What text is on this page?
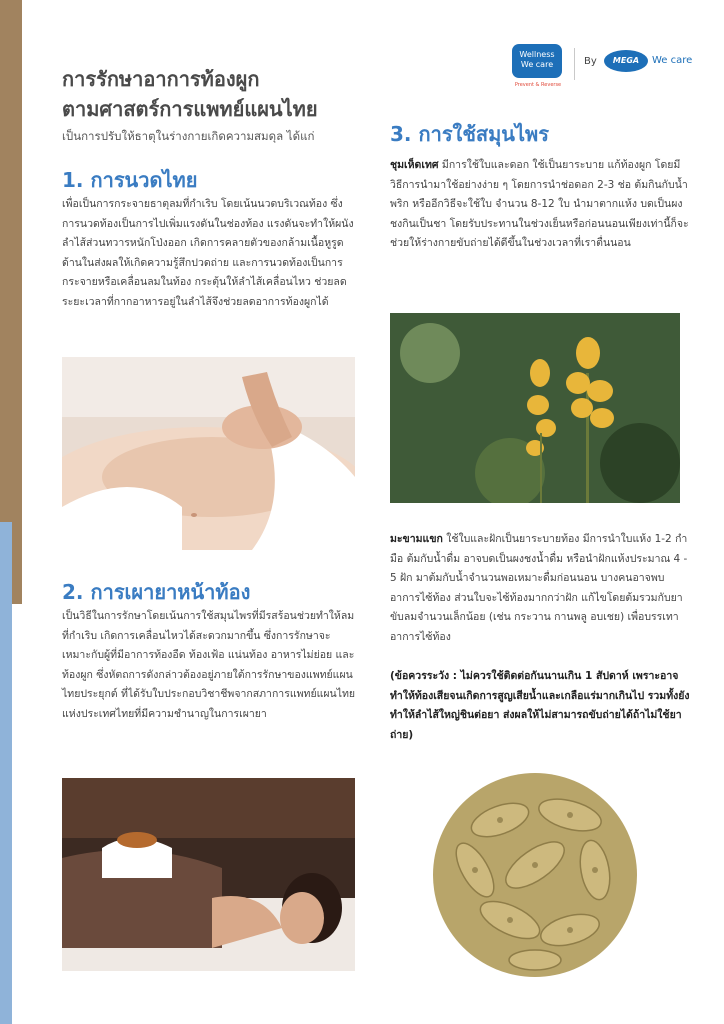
Wellness
We care
Prevent & Reverse
By	MEGA	We care
การรักษาอาการท้องผูก
ตามศาสตร์การแพทย์แผนไทย

เป็นการปรับให้ธาตุในร่างกายเกิดความสมดุล ได้แก่

1. การนวดไทย

เพื่อเป็นการกระจายธาตุลมที่กำเริบ โดยเน้นนวดบริเวณท้อง ซึ่งการนวดท้องเป็นการไปเพิ่มแรงดันในช่องท้อง แรงดันจะทำให้ผนังลำไส้ส่วนทวารหนักโป่งออก เกิดการคลายตัวของกล้ามเนื้อหูรูดด้านในส่งผลให้เกิดความรู้สึกปวดถ่าย และการนวดท้องเป็นการกระจายหรือเคลื่อนลมในท้อง กระตุ้นให้ลำไส้เคลื่อนไหว ช่วยลดระยะเวลาที่กากอาหารอยู่ในลำไส้จึงช่วยลดอาการท้องผูกได้

2. การเผายาหน้าท้อง

เป็นวิธีในการรักษาโดยเน้นการใช้สมุนไพรที่มีรสร้อนช่วยทำให้ลมที่กำเริบ เกิดการเคลื่อนไหวได้สะดวกมากขึ้น ซึ่งการรักษาจะเหมาะกับผู้ที่มีอาการท้องอืด ท้องเฟ้อ แน่นท้อง อาหารไม่ย่อย และ ท้องผูก ซึ่งหัตถการดังกล่าวต้องอยู่ภายใต้การรักษาของแพทย์แผนไทยประยุกต์ ที่ได้รับใบประกอบวิชาชีพจากสภาการแพทย์แผนไทยแห่งประเทศไทยที่มีความชำนาญในการเผายา

3. การใช้สมุนไพร

ชุมเห็ดเทศ มีการใช้ใบและดอก ใช้เป็นยาระบาย แก้ท้องผูก โดยมีวิธีการนำมาใช้อย่างง่าย ๆ โดยการนำช่อดอก 2-3 ช่อ ต้มกินกับน้ำพริก หรืออีกวิธีจะใช้ใบ จำนวน 8-12 ใบ นำมาตากแห้ง บดเป็นผง ชงกินเป็นชา โดยรับประทานในช่วงเย็นหรือก่อนนอนเพียงเท่านี้ก็จะช่วยให้ร่างกายขับถ่ายได้ดีขึ้นในช่วงเวลาที่เราตื่นนอน

มะขามแขก ใช้ใบและฝักเป็นยาระบายท้อง มีการนำใบแห้ง 1-2 กำมือ ต้มกับน้ำดื่ม อาจบดเป็นผงชงน้ำดื่ม หรือนำฝักแห้งประมาณ 4 - 5 ฝัก มาต้มกับน้ำจำนวนพอเหมาะดื่มก่อนนอน บางคนอาจพบอาการไซ้ท้อง ส่วนใบจะไซ้ท้องมากกว่าฝัก แก้ไขโดยต้มรวมกับยาขับลมจำนวนเล็กน้อย (เช่น กระวาน กานพลู อบเชย) เพื่อบรรเทาอาการไซ้ท้อง

(ข้อควรระวัง : ไม่ควรใช้ติดต่อกันนานเกิน 1 สัปดาห์ เพราะอาจทำให้ท้องเสียจนเกิดการสูญเสียน้ำและเกลือแร่มากเกินไป รวมทั้งยังทำให้ลำไส้ใหญ่ชินต่อยา ส่งผลให้ไม่สามารถขับถ่ายได้ถ้าไม่ใช้ยาถ่าย)
